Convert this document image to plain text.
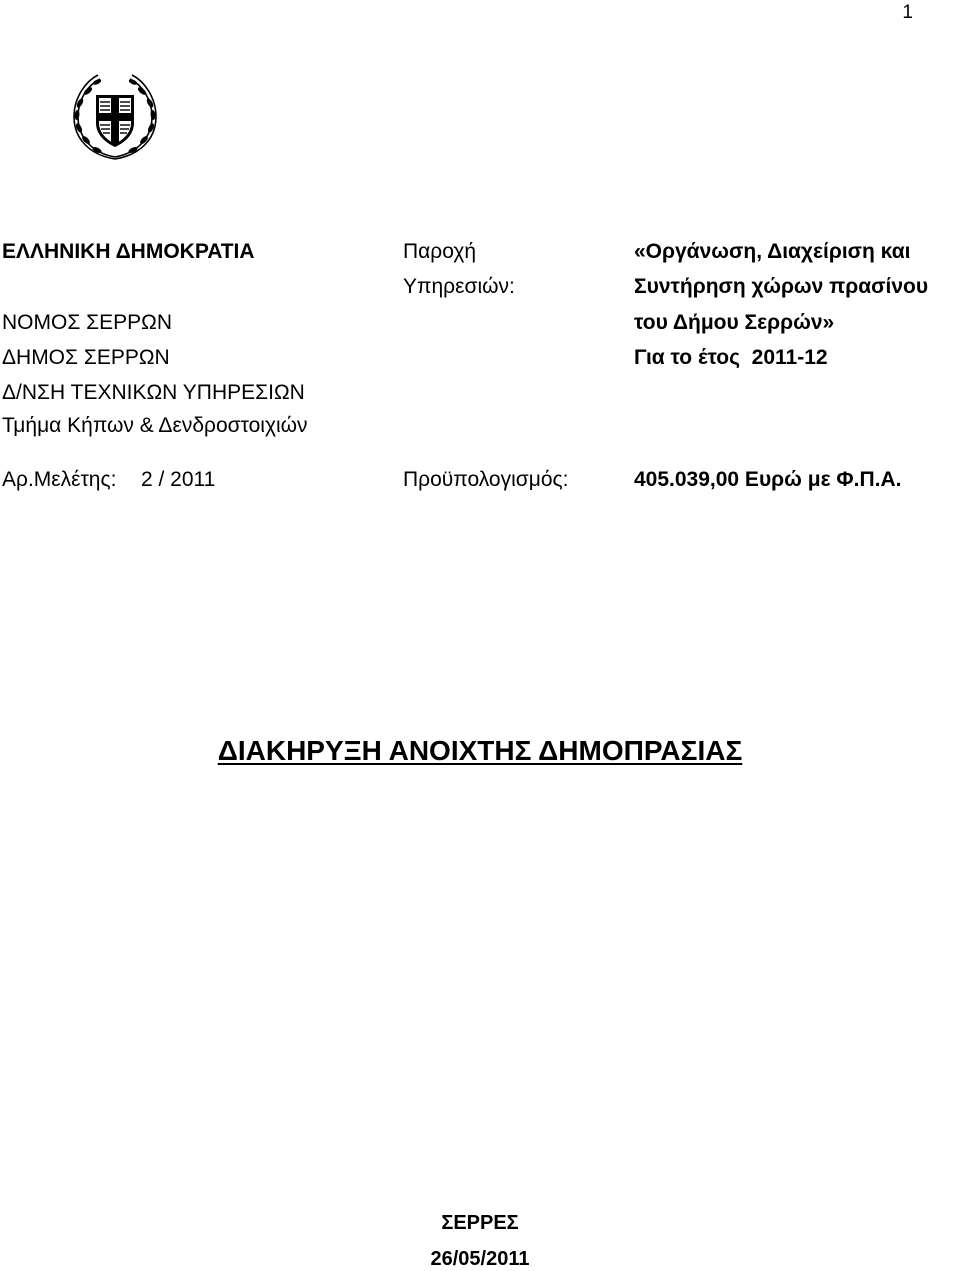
1
ΕΛΛΗΝΙΚΗ ΔΗΜΟΚΡΑΤΙΑ
ΝΟΜΟΣ ΣΕΡΡΩΝ
ΔΗΜΟΣ ΣΕΡΡΩΝ
Δ/ΝΣΗ ΤΕΧΝΙΚΩΝ ΥΠΗΡΕΣΙΩΝ
Τμήμα Κήπων & Δενδροστοιχιών
Παροχή
Υπηρεσιών:
«Οργάνωση, Διαχείριση και
Συντήρηση χώρων πρασίνου
του Δήμου Σερρών»
Για το έτος  2011-12
Αρ.Μελέτης: 2 / 2011	Προϋπολογισμός:	405.039,00 Ευρώ με Φ.Π.Α.
ΔΙΑΚΗΡΥΞΗ ΑΝΟΙΧΤΗΣ ΔΗΜΟΠΡΑΣΙΑΣ
ΣΕΡΡΕΣ
26/05/2011
